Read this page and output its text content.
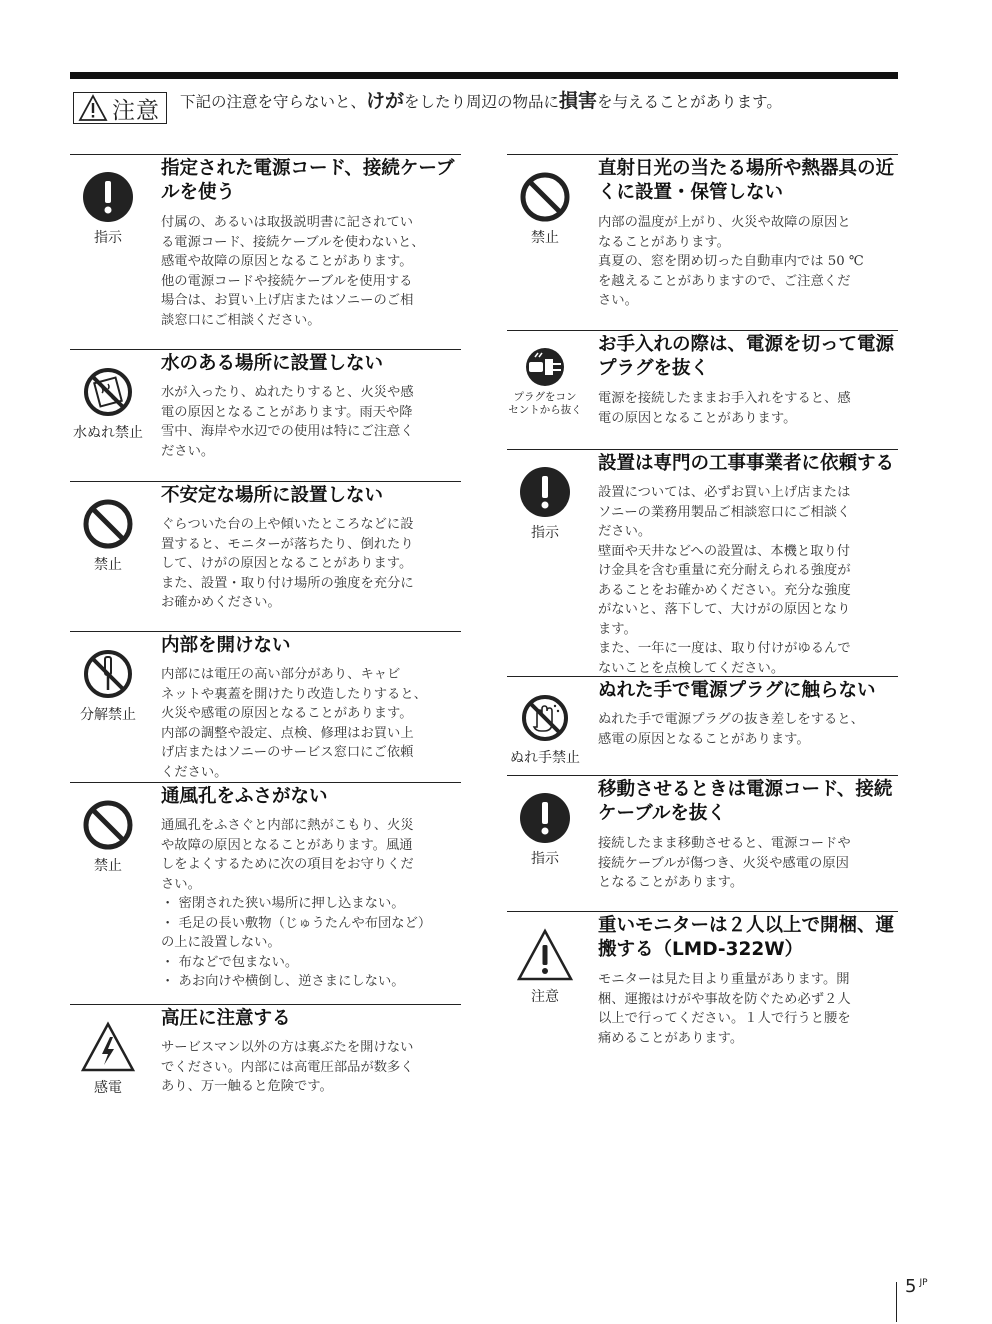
注意 下記の注意を守らないと、けがをしたり周辺の物品に損害を与えることがあります。
指示
指定された電源コード、接続ケーブ
ルを使う
付属の、あるいは取扱説明書に記されてい
る電源コード、接続ケーブルを使わないと、
感電や故障の原因となることがあります。
他の電源コードや接続ケーブルを使用する
場合は、お買い上げ店またはソニーのご相
談窓口にご相談ください。
水ぬれ禁止
水のある場所に設置しない
水が入ったり、ぬれたりすると、火災や感
電の原因となることがあります。雨天や降
雪中、海岸や水辺での使用は特にご注意く
ださい。
禁止
不安定な場所に設置しない
ぐらついた台の上や傾いたところなどに設
置すると、モニターが落ちたり、倒れたり
して、けがの原因となることがあります。
また、設置・取り付け場所の強度を充分に
お確かめください。
分解禁止
内部を開けない
内部には電圧の高い部分があり、キャビ
ネットや裏蓋を開けたり改造したりすると、
火災や感電の原因となることがあります。
内部の調整や設定、点検、修理はお買い上
げ店またはソニーのサービス窓口にご依頼
ください。
禁止
通風孔をふさがない
通風孔をふさぐと内部に熱がこもり、火災
や故障の原因となることがあります。風通
しをよくするために次の項目をお守りくだ
さい。
・ 密閉された狭い場所に押し込まない。
・ 毛足の長い敷物（じゅうたんや布団など）
の上に設置しない。
・ 布などで包まない。
・ あお向けや横倒し、逆さまにしない。
感電
高圧に注意する
サービスマン以外の方は裏ぶたを開けない
でください。内部には高電圧部品が数多く
あり、万一触ると危険です。
禁止
直射日光の当たる場所や熱器具の近
くに設置・保管しない
内部の温度が上がり、火災や故障の原因と
なることがあります。
真夏の、窓を閉め切った自動車内では 50 ℃
を越えることがありますので、ご注意くだ
さい。
プラグをコン セントから抜く
お手入れの際は、電源を切って電源
プラグを抜く
電源を接続したままお手入れをすると、感
電の原因となることがあります。
指示
設置は専門の工事事業者に依頼する
設置については、必ずお買い上げ店または
ソニーの業務用製品ご相談窓口にご相談く
ださい。
壁面や天井などへの設置は、本機と取り付
け金具を含む重量に充分耐えられる強度が
あることをお確かめください。充分な強度
がないと、落下して、大けがの原因となり
ます。
また、一年に一度は、取り付けがゆるんで
ないことを点検してください。
ぬれ手禁止
ぬれた手で電源プラグに触らない
ぬれた手で電源プラグの抜き差しをすると、
感電の原因となることがあります。
指示
移動させるときは電源コード、接続
ケーブルを抜く
接続したまま移動させると、電源コードや
接続ケーブルが傷つき、火災や感電の原因
となることがあります。
注意
重いモニターは２人以上で開梱、運
搬する（LMD-322W）
モニターは見た目より重量があります。開
梱、運搬はけがや事故を防ぐため必ず２人
以上で行ってください。１人で行うと腰を
痛めることがあります。
5 $^{JP}$
